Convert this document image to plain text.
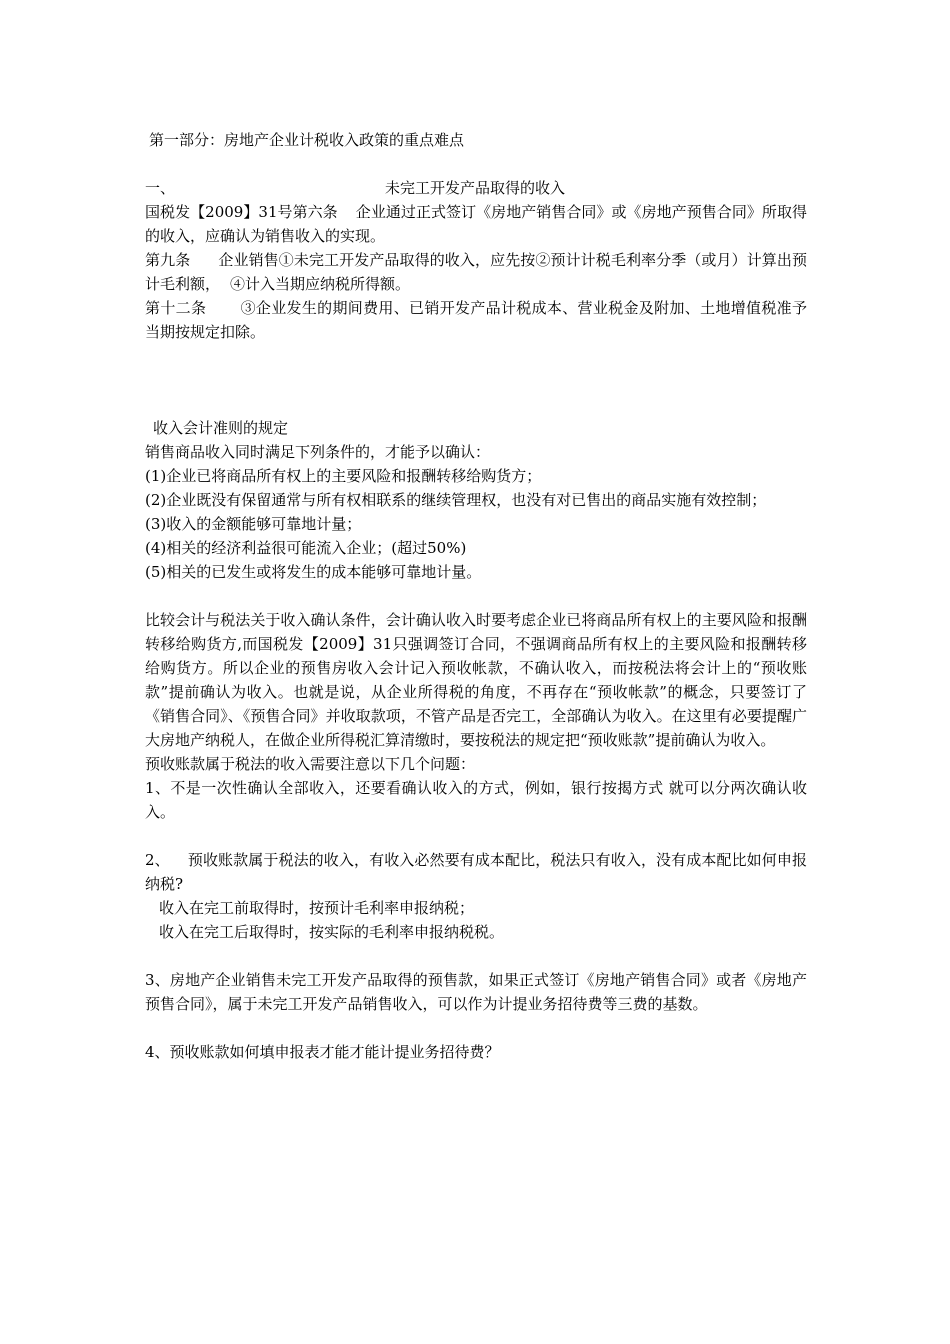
第一部分：房地产企业计税收入政策的重点难点

一、	未完工开发产品取得的收入

国税发【2009】31号第六条 企业通过正式签订《房地产销售合同》或《房地产预售合同》所取得的收入，应确认为销售收入的实现。

第九条 企业销售①未完工开发产品取得的收入，应先按②预计计税毛利率分季（或月）计算出预计毛利额， ④计入当期应纳税所得额。

第十二条 ③企业发生的期间费用、已销开发产品计税成本、营业税金及附加、土地增值税准予当期按规定扣除。

收入会计准则的规定

销售商品收入同时满足下列条件的，才能予以确认：

(1)企业已将商品所有权上的主要风险和报酬转移给购货方；

(2)企业既没有保留通常与所有权相联系的继续管理权，也没有对已售出的商品实施有效控制；

(3)收入的金额能够可靠地计量；

(4)相关的经济利益很可能流入企业；(超过50%)

(5)相关的已发生或将发生的成本能够可靠地计量。

比较会计与税法关于收入确认条件，会计确认收入时要考虑企业已将商品所有权上的主要风险和报酬转移给购货方,而国税发【2009】31只强调签订合同，不强调商品所有权上的主要风险和报酬转移给购货方。所以企业的预售房收入会计记入预收帐款，不确认收入，而按税法将会计上的“预收账款”提前确认为收入。也就是说，从企业所得税的角度，不再存在“预收帐款”的概念，只要签订了《销售合同》、《预售合同》并收取款项，不管产品是否完工，全部确认为收入。在这里有必要提醒广大房地产纳税人，在做企业所得税汇算清缴时，要按税法的规定把“预收账款”提前确认为收入。

预收账款属于税法的收入需要注意以下几个问题：

1、不是一次性确认全部收入，还要看确认收入的方式，例如，银行按揭方式 就可以分两次确认收入。

2、 预收账款属于税法的收入，有收入必然要有成本配比，税法只有收入，没有成本配比如何申报纳税?

收入在完工前取得时，按预计毛利率申报纳税；

收入在完工后取得时，按实际的毛利率申报纳税税。

3、房地产企业销售未完工开发产品取得的预售款，如果正式签订《房地产销售合同》或者《房地产预售合同》，属于未完工开发产品销售收入，可以作为计提业务招待费等三费的基数。

4、预收账款如何填申报表才能才能计提业务招待费？
